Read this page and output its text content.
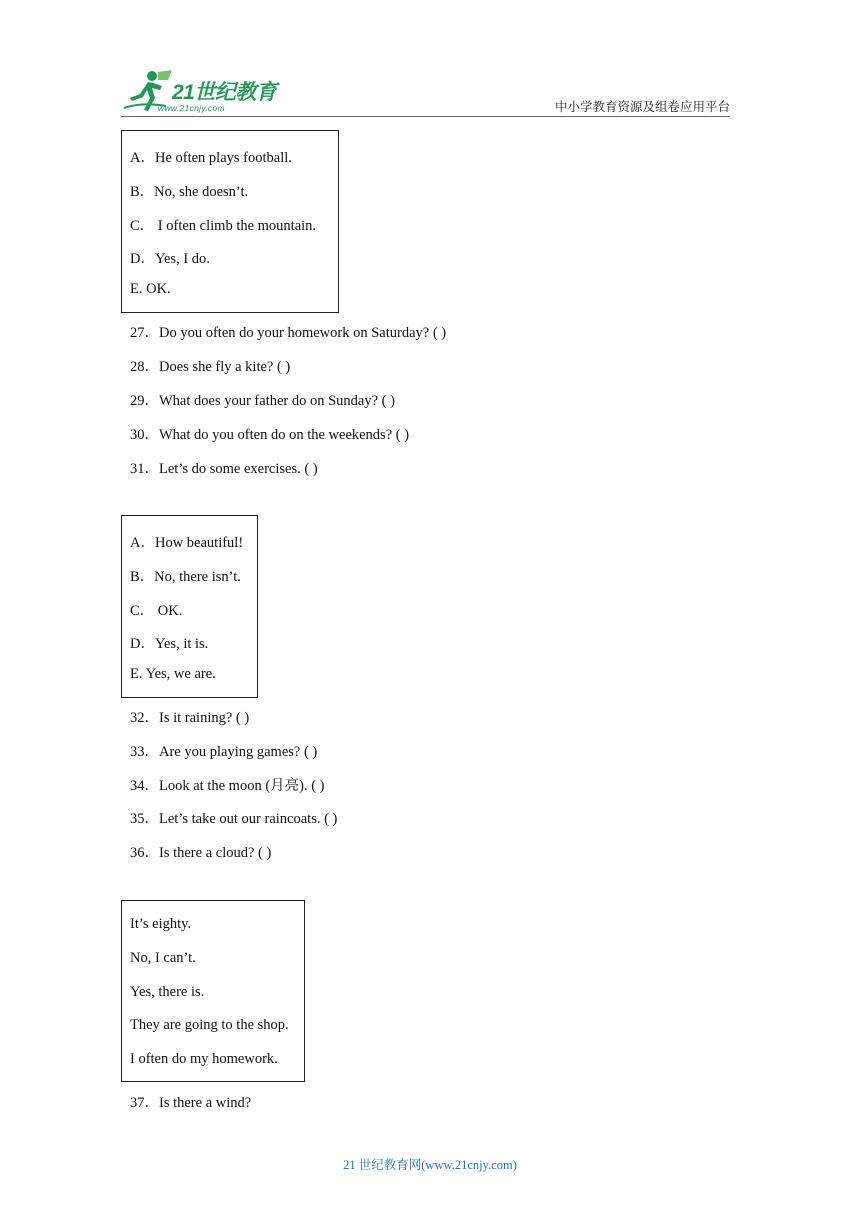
21世纪教育
www.21cnjy.com	中小学教育资源及组卷应用平台
A．He often plays football.
B．No, she doesn’t.
C． I often climb the mountain.
D．Yes, I do.
E. OK.
27．Do you often do your homework on Saturday? ( )
28．Does she fly a kite? ( )
29．What does your father do on Sunday? ( )
30．What do you often do on the weekends? ( )
31．Let’s do some exercises. ( )
A．How beautiful!
B．No, there isn’t.
C． OK.
D．Yes, it is.
E. Yes, we are.
32．Is it raining? ( )
33．Are you playing games? ( )
34．Look at the moon (月亮). ( )
35．Let’s take out our raincoats. ( )
36．Is there a cloud? ( )
It’s eighty.
No, I can’t.
Yes, there is.
They are going to the shop.
I often do my homework.
37．Is there a wind?
21 世纪教育网(www.21cnjy.com)
